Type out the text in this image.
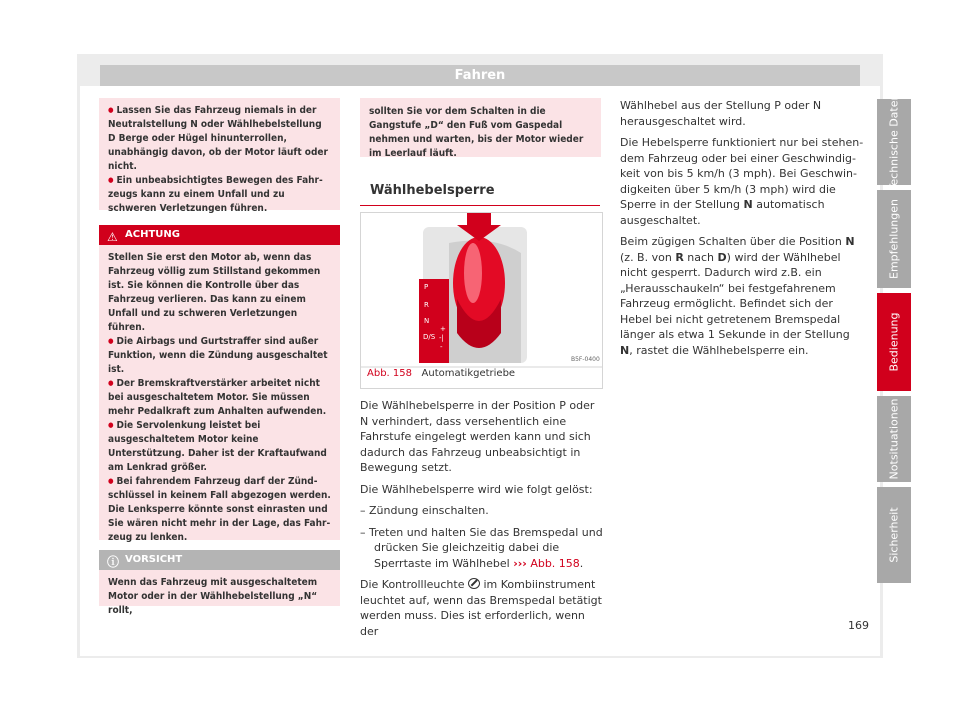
Fahren

● Lassen Sie das Fahrzeug niemals in der Neutralstellung N oder Wählhebelstellung D Berge oder Hügel hinunterrollen, unabhängig davon, ob der Motor läuft oder nicht.

● Ein unbeabsichtigtes Bewegen des Fahrzeugs kann zu einem Unfall und zu schweren Verletzungen führen.

⚠ ACHTUNG

Stellen Sie erst den Motor ab, wenn das Fahrzeug völlig zum Stillstand gekommen ist. Sie können die Kontrolle über das Fahrzeug verlieren. Das kann zu einem Unfall und zu schweren Verletzungen führen.

● Die Airbags und Gurtstraffer sind außer Funktion, wenn die Zündung ausgeschaltet ist.

● Der Bremskraftverstärker arbeitet nicht bei ausgeschaltetem Motor. Sie müssen mehr Pedalkraft zum Anhalten aufwenden.

● Die Servolenkung leistet bei ausgeschaltetem Motor keine Unterstützung. Daher ist der Kraftaufwand am Lenkrad größer.

● Bei fahrendem Fahrzeug darf der Zündschlüssel in keinem Fall abgezogen werden. Die Lenksperre könnte sonst einrasten und Sie wären nicht mehr in der Lage, das Fahrzeug zu lenken.

ⓘ VORSICHT

Wenn das Fahrzeug mit ausgeschaltetem Motor oder in der Wählhebelstellung „N“ rollt,

sollten Sie vor dem Schalten in die Gangstufe „D“ den Fuß vom Gaspedal nehmen und warten, bis der Motor wieder im Leerlauf läuft.

Wählhebelsperre
P
R
N
D/S
+
-|
-
B5F-0400
Abb. 158 Automatikgetriebe

Die Wählhebelsperre in der Position P oder N verhindert, dass versehentlich eine Fahrstufe eingelegt werden kann und sich dadurch das Fahrzeug unbeabsichtigt in Bewegung setzt.

Die Wählhebelsperre wird wie folgt gelöst:

– Zündung einschalten.

– Treten und halten Sie das Bremspedal und drücken Sie gleichzeitig dabei die Sperrtaste im Wählhebel ››› Abb. 158.

Die Kontrollleuchte im Kombiinstrument leuchtet auf, wenn das Bremspedal betätigt werden muss. Dies ist erforderlich, wenn der

Wählhebel aus der Stellung P oder N herausgeschaltet wird.

Die Hebelsperre funktioniert nur bei stehendem Fahrzeug oder bei einer Geschwindigkeit von bis 5 km/h (3 mph). Bei Geschwindigkeiten über 5 km/h (3 mph) wird die Sperre in der Stellung N automatisch ausgeschaltet.

Beim zügigen Schalten über die Position N (z. B. von R nach D) wird der Wählhebel nicht gesperrt. Dadurch wird z.B. ein „Herausschaukeln“ bei festgefahrenem Fahrzeug ermöglicht. Befindet sich der Hebel bei nicht getretenem Bremspedal länger als etwa 1 Sekunde in der Stellung N, rastet die Wählhebelsperre ein.

Technische Daten
Empfehlungen
Bedienung
Notsituationen
Sicherheit
169
